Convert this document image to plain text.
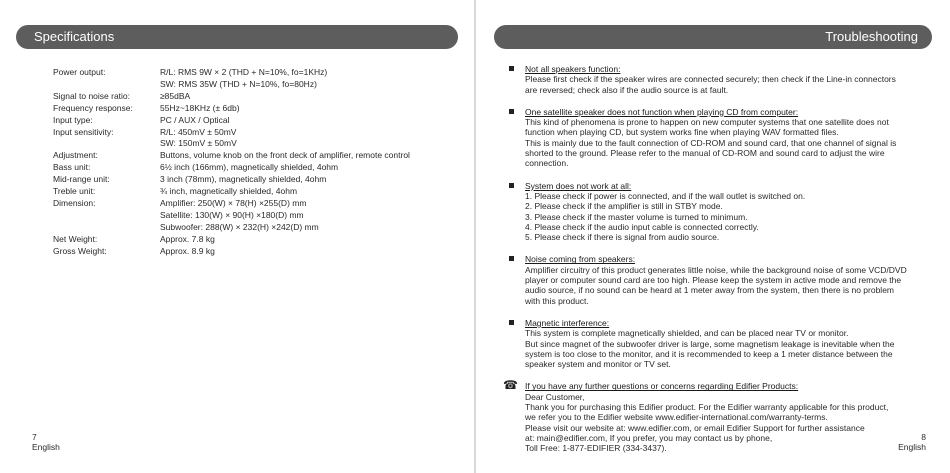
Specifications
Power output:	R/L: RMS 9W × 2 (THD + N=10%, fo=1KHz)
SW: RMS 35W (THD + N=10%, fo=80Hz)
Signal to noise ratio:	≥85dBA
Frequency response:	55Hz~18KHz (± 6db)
Input type:	PC / AUX / Optical
Input sensitivity:	R/L: 450mV ± 50mV
SW: 150mV ± 50mV
Adjustment:	Buttons, volume knob on the front deck of amplifier, remote control
Bass unit:	6½ inch (166mm), magnetically shielded, 4ohm
Mid-range unit:	3 inch (78mm), magnetically shielded, 4ohm
Treble unit:	¾ inch, magnetically shielded, 4ohm
Dimension:	Amplifier: 250(W) × 78(H) ×255(D) mm
Satellite: 130(W) × 90(H) ×180(D) mm
Subwoofer: 288(W) × 232(H) ×242(D) mm
Net Weight:	Approx. 7.8 kg
Gross Weight:	Approx. 8.9 kg
7
English
Troubleshooting
Not all speakers function:
Please first check if the speaker wires are connected securely; then check if the Line-in connectors
are reversed; check also if the audio source is at fault.
One satellite speaker does not function when playing CD from computer:
This kind of phenomena is prone to happen on new computer systems that one satellite does not
function when playing CD, but system works fine when playing WAV formatted files.
This is mainly due to the fault connection of CD-ROM and sound card, that one channel of signal is
shorted to the ground. Please refer to the manual of CD-ROM and sound card to adjust the wire
connection.
System does not work at all:
1. Please check if power is connected, and if the wall outlet is switched on.
2. Please check if the amplifier is still in STBY mode.
3. Please check if the master volume is turned to minimum.
4. Please check if the audio input cable is connected correctly.
5. Please check if there is signal from audio source.
Noise coming from speakers:
Amplifier circuitry of this product generates little noise, while the background noise of some VCD/DVD
player or computer sound card are too high. Please keep the system in active mode and remove the
audio source, if no sound can be heard at 1 meter away from the system, then there is no problem
with this product.
Magnetic interference:
This system is complete magnetically shielded, and can be placed near TV or monitor.
But since magnet of the subwoofer driver is large, some magnetism leakage is inevitable when the
system is too close to the monitor, and it is recommended to keep a 1 meter distance between the
speaker system and monitor or TV set.
☎ If you have any further questions or concerns regarding Edifier Products:
Dear Customer,
Thank you for purchasing this Edifier product. For the Edifier warranty applicable for this product,
we refer you to the Edifier website www.edifier-international.com/warranty-terms.
Please visit our website at: www.edifier.com, or email Edifier Support for further assistance
at: main@edifier.com, If you prefer, you may contact us by phone,
Toll Free: 1-877-EDIFIER (334-3437).
8
English
